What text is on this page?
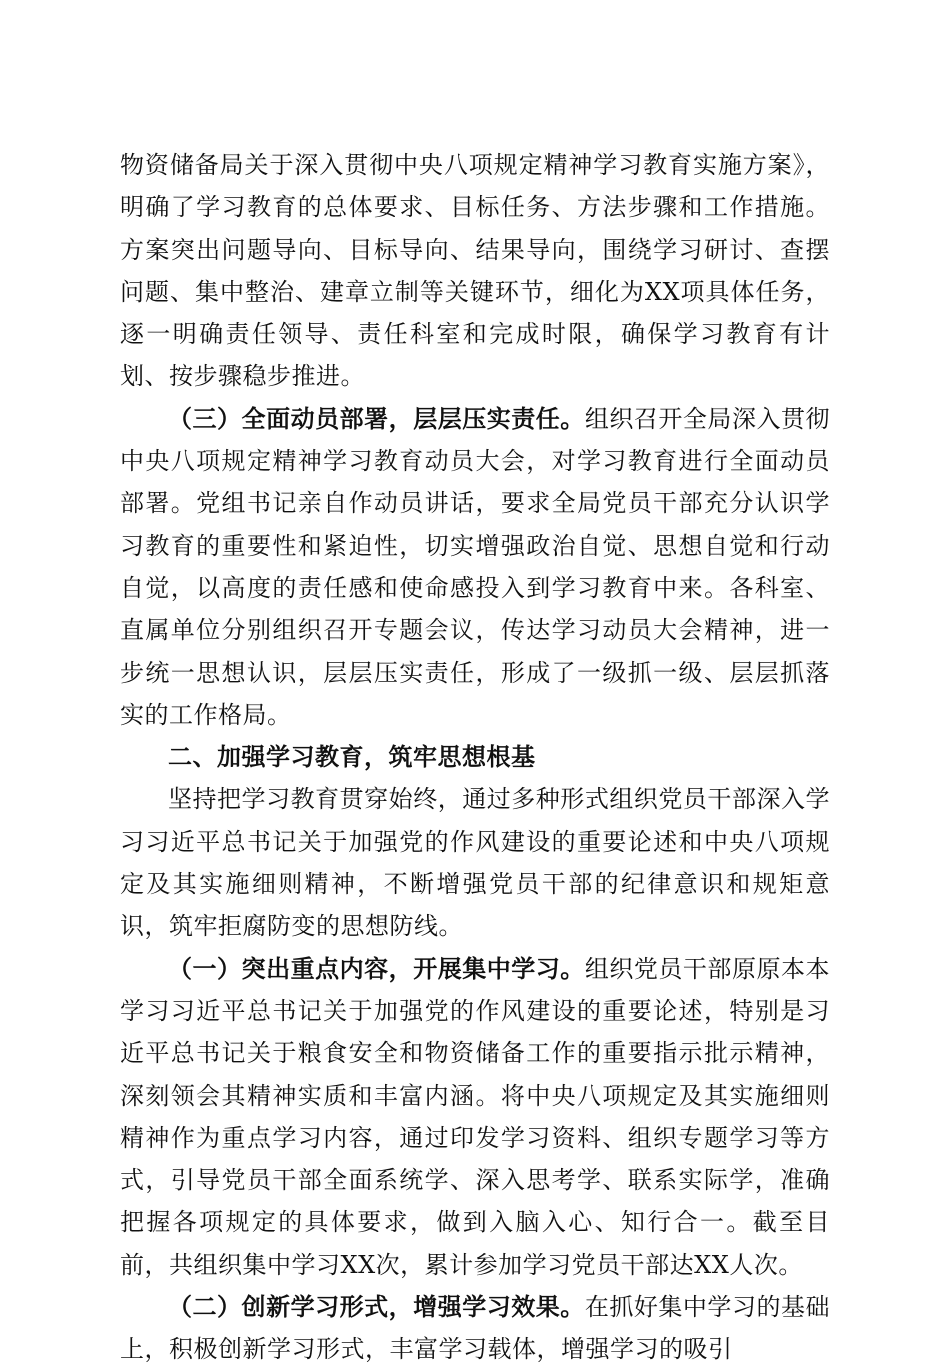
物资储备局关于深入贯彻中央八项规定精神学习教育实施方案》，明确了学习教育的总体要求、目标任务、方法步骤和工作措施。方案突出问题导向、目标导向、结果导向，围绕学习研讨、查摆问题、集中整治、建章立制等关键环节，细化为XX项具体任务，逐一明确责任领导、责任科室和完成时限，确保学习教育有计划、按步骤稳步推进。

（三）全面动员部署，层层压实责任。组织召开全局深入贯彻中央八项规定精神学习教育动员大会，对学习教育进行全面动员部署。党组书记亲自作动员讲话，要求全局党员干部充分认识学习教育的重要性和紧迫性，切实增强政治自觉、思想自觉和行动自觉，以高度的责任感和使命感投入到学习教育中来。各科室、直属单位分别组织召开专题会议，传达学习动员大会精神，进一步统一思想认识，层层压实责任，形成了一级抓一级、层层抓落实的工作格局。

二、加强学习教育，筑牢思想根基

坚持把学习教育贯穿始终，通过多种形式组织党员干部深入学习习近平总书记关于加强党的作风建设的重要论述和中央八项规定及其实施细则精神，不断增强党员干部的纪律意识和规矩意识，筑牢拒腐防变的思想防线。

（一）突出重点内容，开展集中学习。组织党员干部原原本本学习习近平总书记关于加强党的作风建设的重要论述，特别是习近平总书记关于粮食安全和物资储备工作的重要指示批示精神，深刻领会其精神实质和丰富内涵。将中央八项规定及其实施细则精神作为重点学习内容，通过印发学习资料、组织专题学习等方式，引导党员干部全面系统学、深入思考学、联系实际学，准确把握各项规定的具体要求，做到入脑入心、知行合一。截至目前，共组织集中学习XX次，累计参加学习党员干部达XX人次。

（二）创新学习形式，增强学习效果。在抓好集中学习的基础上，积极创新学习形式，丰富学习载体，增强学习的吸引
